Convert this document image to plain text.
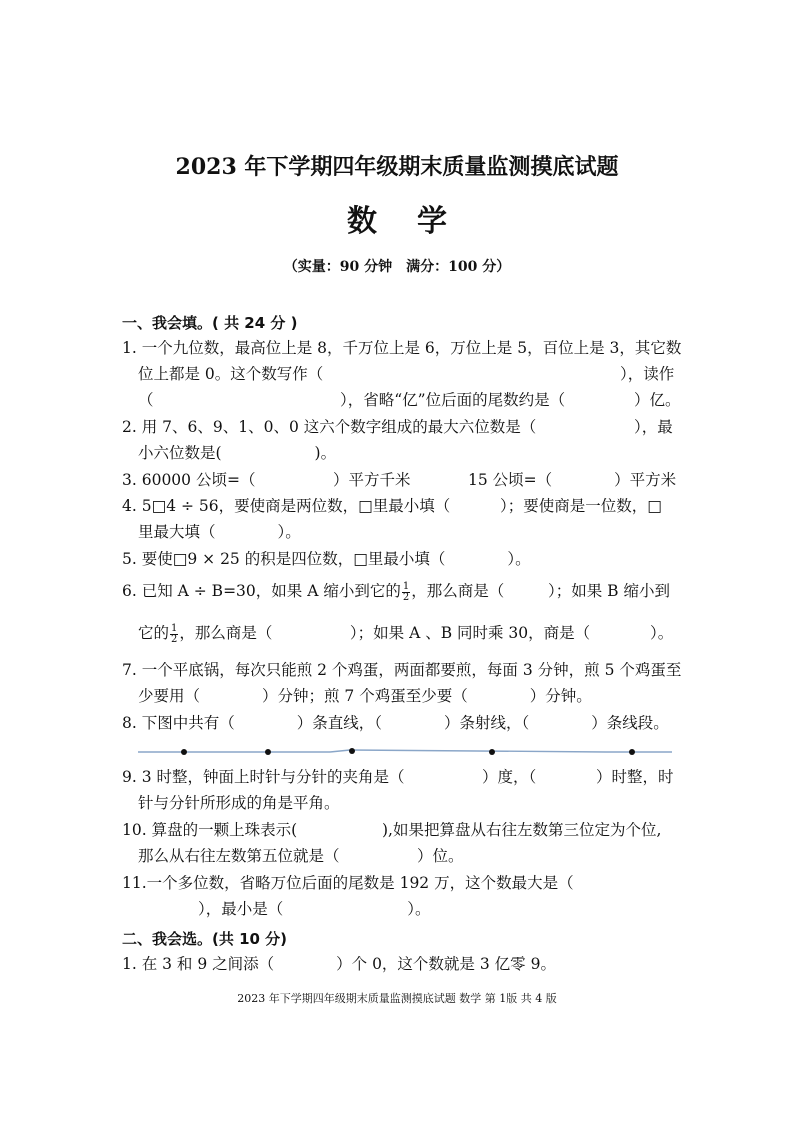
2023 年下学期四年级期末质量监测摸底试题
数 学
（实量：90 分钟　满分：100 分）
一、我会填。( 共 24 分 )
1. 一个九位数，最高位上是 8，千万位上是 6，万位上是 5，百位上是 3，其它数
位上都是 0。这个数写作（	），读作
（	），省略“亿”位后面的尾数约是（	）亿。
2. 用 7、6、9、1、0、0 这六个数字组成的最大六位数是（	），最
小六位数是(　　　　　　)。
3. 60000 公顷=（　　　　　）平方千米	15 公顷=（　　　　）平方米
4. 5□4 ÷ 56，要使商是两位数，□里最小填（	）；要使商是一位数，□
里最大填（　　　　）。
5. 要使□9 × 25 的积是四位数，□里最小填（　　　　）。
6. 已知 A ÷ B=30，如果 A 缩小到它的 $\frac{1}{2}$ ，那么商是（	）；如果 B 缩小到
它的 $\frac{1}{2}$ ，那么商是（　　　　　）；如果 A 、B 同时乘 30，商是（	）。
7. 一个平底锅，每次只能煎 2 个鸡蛋，两面都要煎，每面 3 分钟，煎 5 个鸡蛋至
少要用（　　　　）分钟；煎 7 个鸡蛋至少要（　　　　）分钟。
8. 下图中共有（　　　　）条直线，（　　　　）条射线，（　　　　）条线段。
9. 3 时整，钟面上时针与分针的夹角是（	）度，（	）时整，时
针与分针所形成的角是平角。
10. 算盘的一颗上珠表示(	),如果把算盘从右往左数第三位定为个位,
那么从右往左数第五位就是（　　　　　）位。
11.一个多位数，省略万位后面的尾数是 192 万，这个数最大是（
），最小是（　　　　　　　　）。
二、我会选。(共 10 分)
1. 在 3 和 9 之间添（　　　　）个 0，这个数就是 3 亿零 9。
2023 年下学期四年级期末质量监测摸底试题 数学 第 1版 共 4 版
